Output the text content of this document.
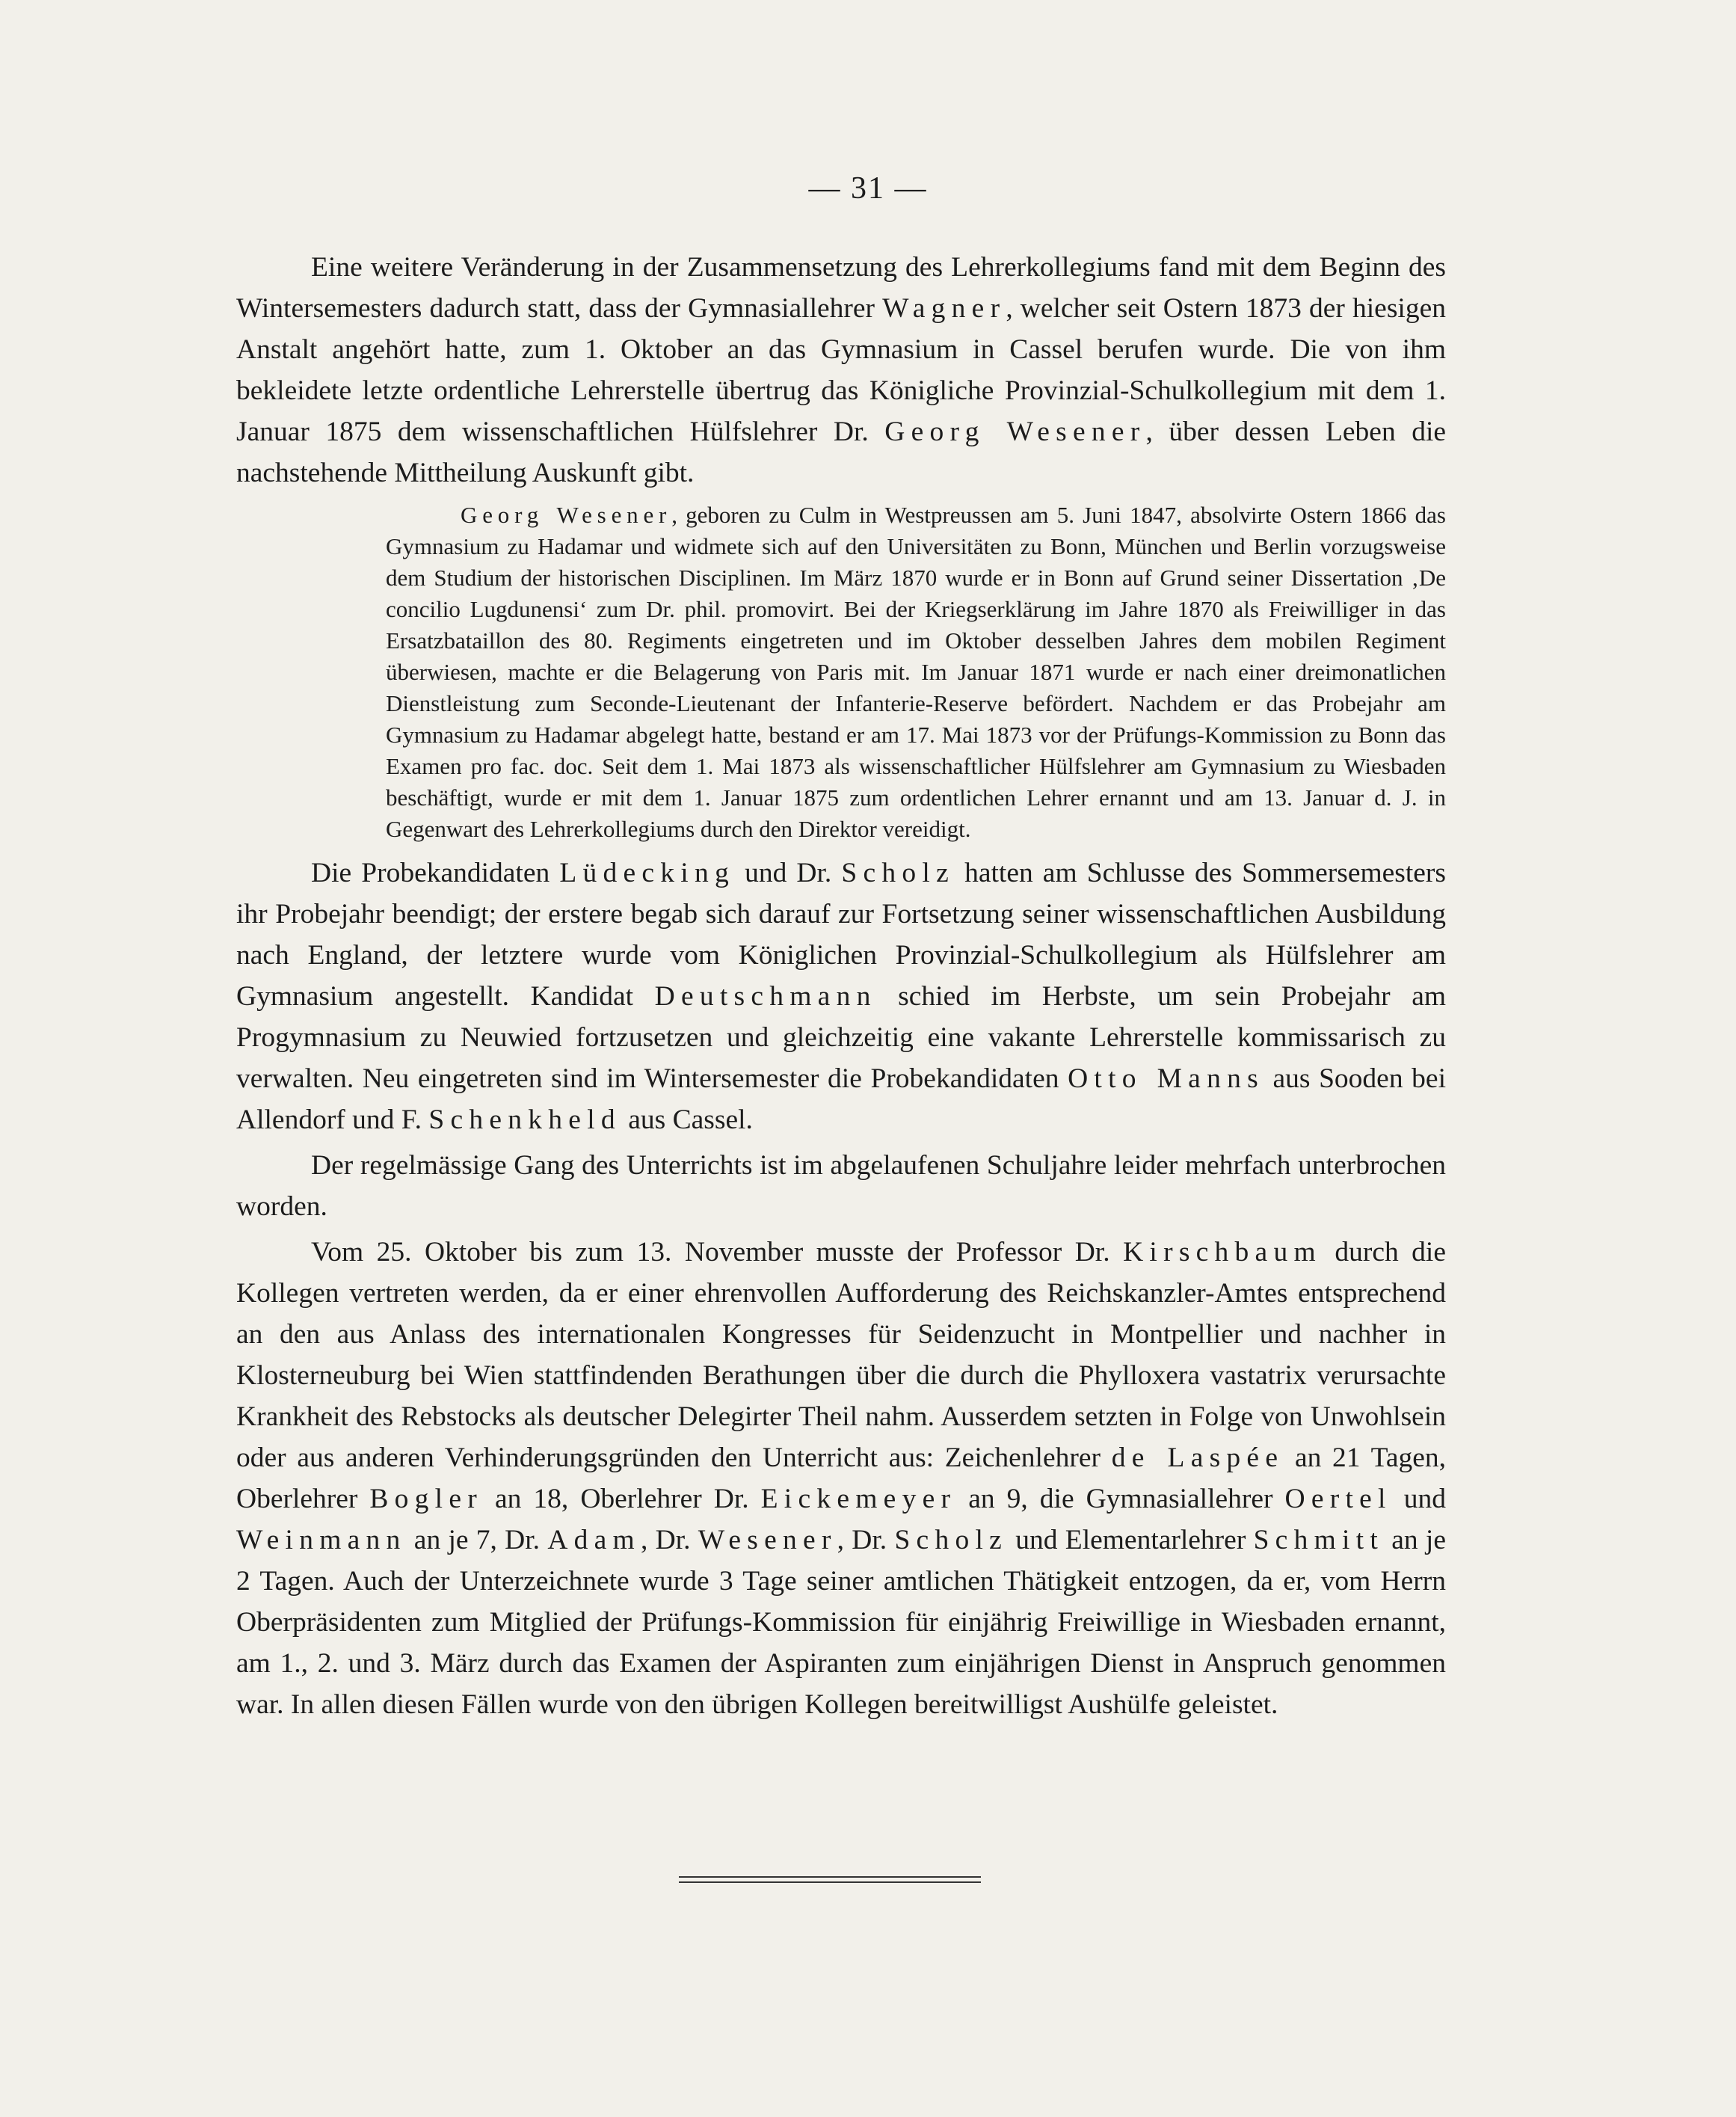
— 31 —

Eine weitere Veränderung in der Zusammensetzung des Lehrerkollegiums fand mit dem Beginn des Wintersemesters dadurch statt, dass der Gymnasiallehrer Wagner, welcher seit Ostern 1873 der hiesigen Anstalt angehört hatte, zum 1. Oktober an das Gymnasium in Cassel berufen wurde. Die von ihm bekleidete letzte ordentliche Lehrerstelle übertrug das Königliche Provinzial-Schulkollegium mit dem 1. Januar 1875 dem wissenschaftlichen Hülfslehrer Dr. Georg Wesener, über dessen Leben die nachstehende Mittheilung Auskunft gibt.

Georg Wesener, geboren zu Culm in Westpreussen am 5. Juni 1847, absolvirte Ostern 1866 das Gymnasium zu Hadamar und widmete sich auf den Universitäten zu Bonn, München und Berlin vorzugsweise dem Studium der historischen Disciplinen. Im März 1870 wurde er in Bonn auf Grund seiner Dissertation ‚De concilio Lugdunensi‘ zum Dr. phil. promovirt. Bei der Kriegserklärung im Jahre 1870 als Freiwilliger in das Ersatzbataillon des 80. Regiments eingetreten und im Oktober desselben Jahres dem mobilen Regiment überwiesen, machte er die Belagerung von Paris mit. Im Januar 1871 wurde er nach einer dreimonatlichen Dienstleistung zum Seconde-Lieutenant der Infanterie-Reserve befördert. Nachdem er das Probejahr am Gymnasium zu Hadamar abgelegt hatte, bestand er am 17. Mai 1873 vor der Prüfungs-Kommission zu Bonn das Examen pro fac. doc. Seit dem 1. Mai 1873 als wissenschaftlicher Hülfslehrer am Gymnasium zu Wiesbaden beschäftigt, wurde er mit dem 1. Januar 1875 zum ordentlichen Lehrer ernannt und am 13. Januar d. J. in Gegenwart des Lehrerkollegiums durch den Direktor vereidigt.

Die Probekandidaten Lüdecking und Dr. Scholz hatten am Schlusse des Sommersemesters ihr Probejahr beendigt; der erstere begab sich darauf zur Fortsetzung seiner wissenschaftlichen Ausbildung nach England, der letztere wurde vom Königlichen Provinzial-Schulkollegium als Hülfslehrer am Gymnasium angestellt. Kandidat Deutschmann schied im Herbste, um sein Probejahr am Progymnasium zu Neuwied fortzusetzen und gleichzeitig eine vakante Lehrerstelle kommissarisch zu verwalten. Neu eingetreten sind im Wintersemester die Probekandidaten Otto Manns aus Sooden bei Allendorf und F. Schenkheld aus Cassel.

Der regelmässige Gang des Unterrichts ist im abgelaufenen Schuljahre leider mehrfach unterbrochen worden.

Vom 25. Oktober bis zum 13. November musste der Professor Dr. Kirschbaum durch die Kollegen vertreten werden, da er einer ehrenvollen Aufforderung des Reichskanzler-Amtes entsprechend an den aus Anlass des internationalen Kongresses für Seidenzucht in Montpellier und nachher in Klosterneuburg bei Wien stattfindenden Berathungen über die durch die Phylloxera vastatrix verursachte Krankheit des Rebstocks als deutscher Delegirter Theil nahm. Ausserdem setzten in Folge von Unwohlsein oder aus anderen Verhinderungsgründen den Unterricht aus: Zeichenlehrer de Laspée an 21 Tagen, Oberlehrer Bogler an 18, Oberlehrer Dr. Eickemeyer an 9, die Gymnasiallehrer Oertel und Weinmann an je 7, Dr. Adam, Dr. Wesener, Dr. Scholz und Elementarlehrer Schmitt an je 2 Tagen. Auch der Unterzeichnete wurde 3 Tage seiner amtlichen Thätigkeit entzogen, da er, vom Herrn Oberpräsidenten zum Mitglied der Prüfungs-Kommission für einjährig Freiwillige in Wiesbaden ernannt, am 1., 2. und 3. März durch das Examen der Aspiranten zum einjährigen Dienst in Anspruch genommen war. In allen diesen Fällen wurde von den übrigen Kollegen bereitwilligst Aushülfe geleistet.
